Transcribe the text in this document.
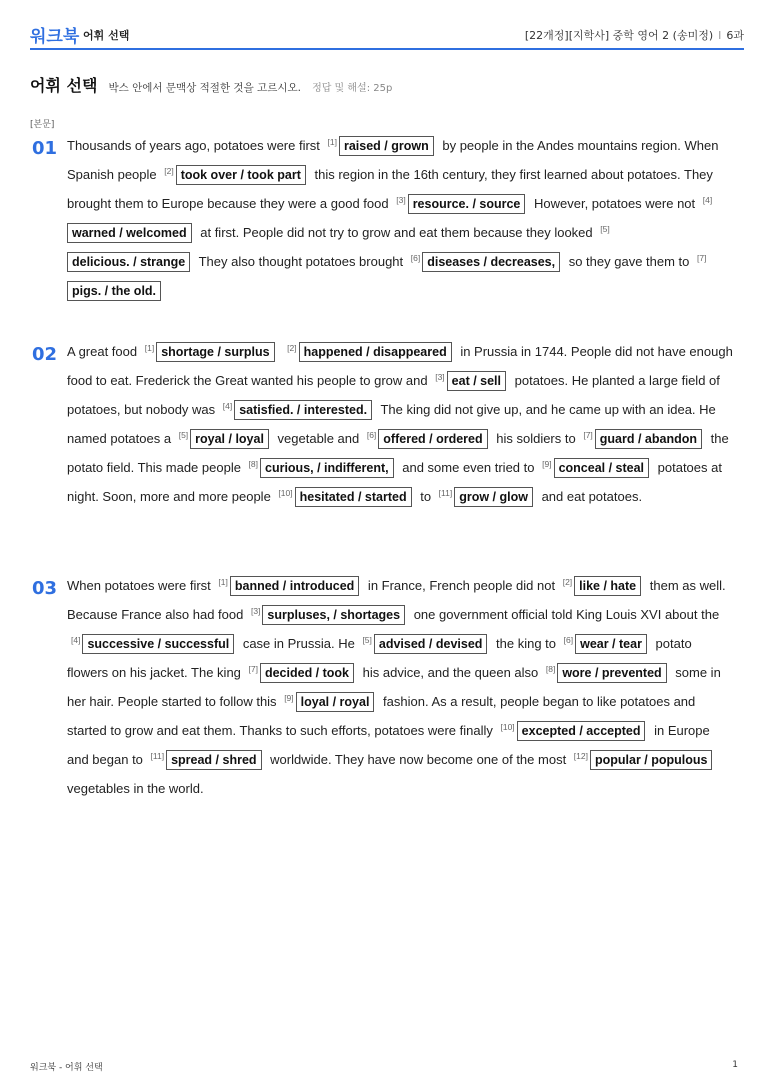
워크북 어휘 선택	[22개정][지학사] 중학 영어 2 (송미정) I 6과
어휘 선택 박스 안에서 문맥상 적절한 것을 고르시오. 정답 및 해설: 25p
[본문]
01 Thousands of years ago, potatoes were first [1] raised / grown by people in the Andes mountains region. When Spanish people [2] took over / took part this region in the 16th century, they first learned about potatoes. They brought them to Europe because they were a good food [3] resource. / source However, potatoes were not [4]warned / welcomed at first. People did not try to grow and eat them because they looked [5]delicious. / strange They also thought potatoes brought [6] diseases / decreases, so they gave them to [7]pigs. / the old.
02 A great food [1] shortage / surplus [2] happened / disappeared in Prussia in 1744. People did not have enough food to eat. Frederick the Great wanted his people to grow and [3] eat / sell potatoes. He planted a large field of potatoes, but nobody was [4] satisfied. / interested. The king did not give up, and he came up with an idea. He named potatoes a [5] royal / loyal vegetable and [6] offered / ordered his soldiers to [7] guard / abandon the potato field. This made people [8] curious, / indifferent, and some even tried to [9] conceal / steal potatoes at night. Soon, more and more people [10] hesitated / started to [11] grow / glow and eat potatoes.
03 When potatoes were first [1] banned / introduced in France, French people did not [2] like / hate them as well. Because France also had food [3] surpluses, / shortages one government official told King Louis XVI about the [4] successive / successful case in Prussia. He [5] advised / devised the king to [6] wear / tear potato flowers on his jacket. The king [7] decided / took his advice, and the queen also [8] wore / prevented some in her hair. People started to follow this [9] loyal / royal fashion. As a result, people began to like potatoes and started to grow and eat them. Thanks to such efforts, potatoes were finally [10] excepted / accepted in Europe and began to [11] spread / shred worldwide. They have now become one of the most [12] popular / populous vegetables in the world.
워크북 - 어휘 선택	1
